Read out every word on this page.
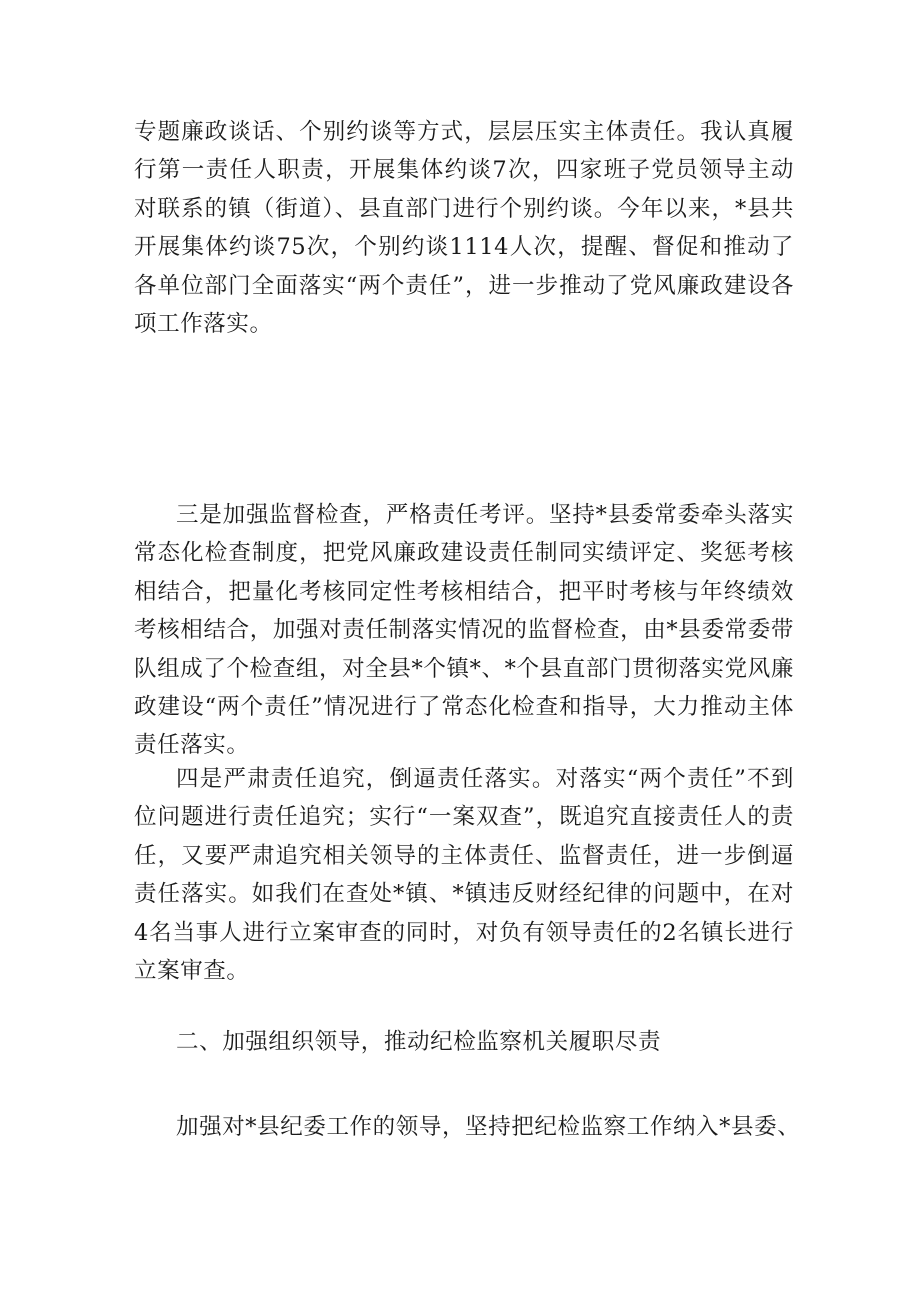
专题廉政谈话、个别约谈等方式，层层压实主体责任。我认真履行第一责任人职责，开展集体约谈7次，四家班子党员领导主动对联系的镇（街道）、县直部门进行个别约谈。今年以来，*县共开展集体约谈75次，个别约谈1114人次，提醒、督促和推动了各单位部门全面落实“两个责任”，进一步推动了党风廉政建设各项工作落实。

三是加强监督检查，严格责任考评。坚持*县委常委牵头落实常态化检查制度，把党风廉政建设责任制同实绩评定、奖惩考核相结合，把量化考核同定性考核相结合，把平时考核与年终绩效考核相结合，加强对责任制落实情况的监督检查，由*县委常委带队组成了个检查组，对全县*个镇*、*个县直部门贯彻落实党风廉政建设“两个责任”情况进行了常态化检查和指导，大力推动主体责任落实。

四是严肃责任追究，倒逼责任落实。对落实“两个责任”不到位问题进行责任追究；实行“一案双查”，既追究直接责任人的责任，又要严肃追究相关领导的主体责任、监督责任，进一步倒逼责任落实。如我们在查处*镇、*镇违反财经纪律的问题中，在对4名当事人进行立案审查的同时，对负有领导责任的2名镇长进行立案审查。

二、加强组织领导，推动纪检监察机关履职尽责

加强对*县纪委工作的领导，坚持把纪检监察工作纳入*县委、
